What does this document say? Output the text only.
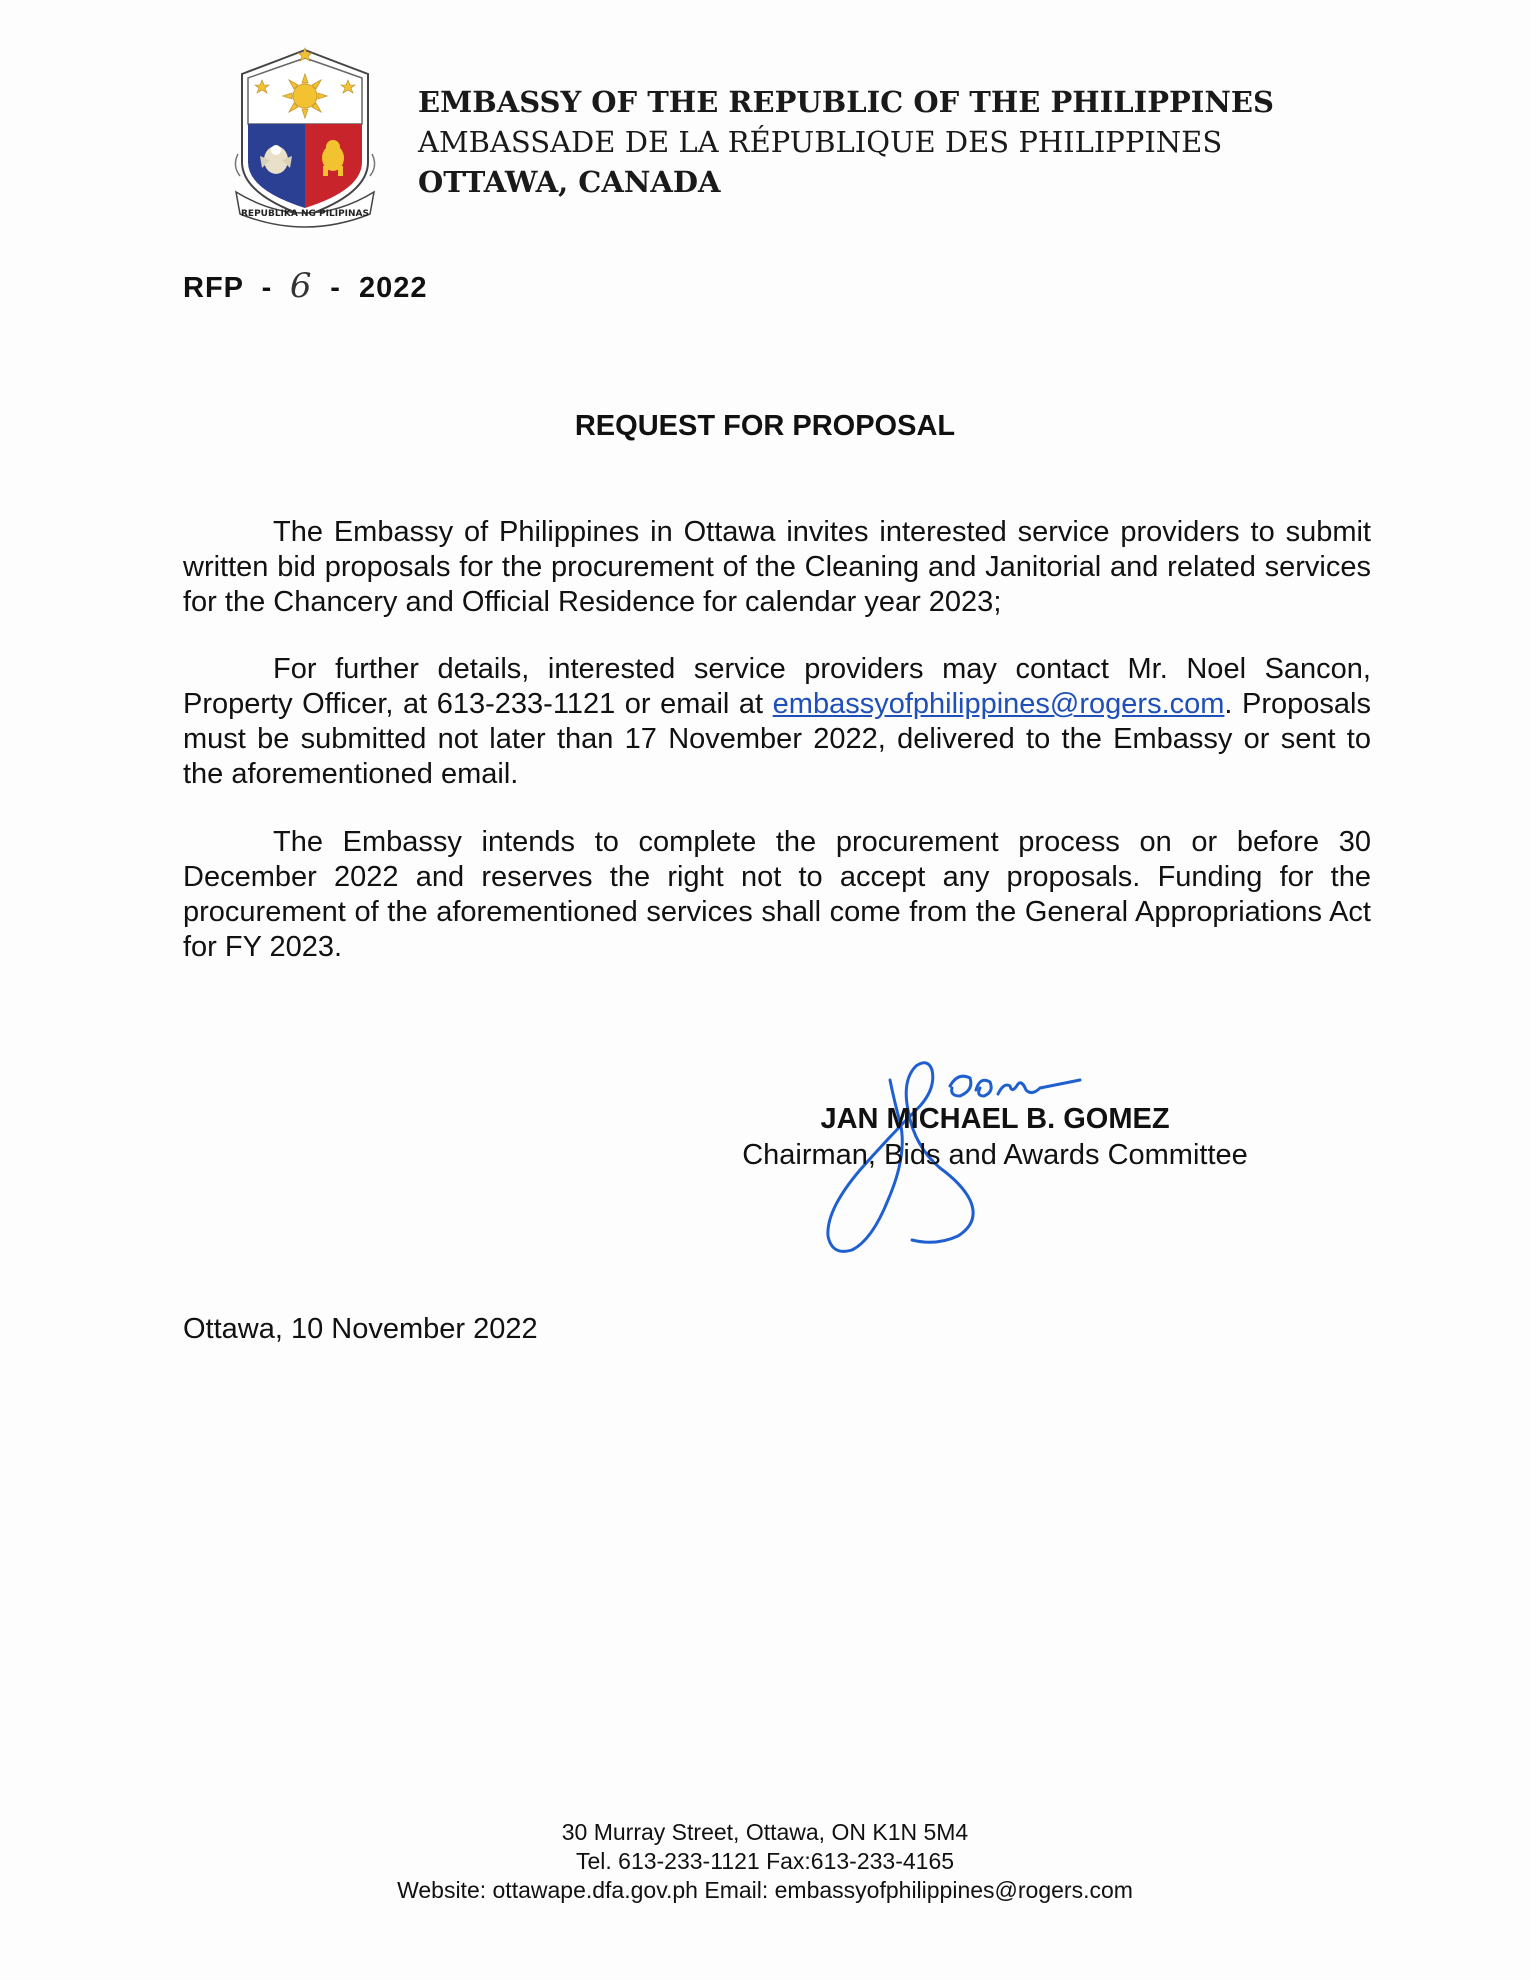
REPUBLIKA NG PILIPINAS
EMBASSY OF THE REPUBLIC OF THE PHILIPPINES
AMBASSADE DE LA RÉPUBLIQUE DES PHILIPPINES
OTTAWA, CANADA
RFP  - 6 -  2022
REQUEST FOR PROPOSAL

The Embassy of Philippines in Ottawa invites interested service providers to submit written bid proposals for the procurement of the Cleaning and Janitorial and related services for the Chancery and Official Residence for calendar year 2023;

For further details, interested service providers may contact Mr. Noel Sancon, Property Officer, at 613-233-1121 or email at embassyofphilippines@rogers.com. Proposals must be submitted not later than 17 November 2022, delivered to the Embassy or sent to the aforementioned email.

The Embassy intends to complete the procurement process on or before 30 December 2022 and reserves the right not to accept any proposals. Funding for the procurement of the aforementioned services shall come from the General Appropriations Act for FY 2023.

JAN MICHAEL B. GOMEZ
Chairman, Bids and Awards Committee
Ottawa, 10 November 2022
30 Murray Street, Ottawa, ON K1N 5M4
Tel. 613-233-1121 Fax:613-233-4165
Website: ottawape.dfa.gov.ph Email: embassyofphilippines@rogers.com
